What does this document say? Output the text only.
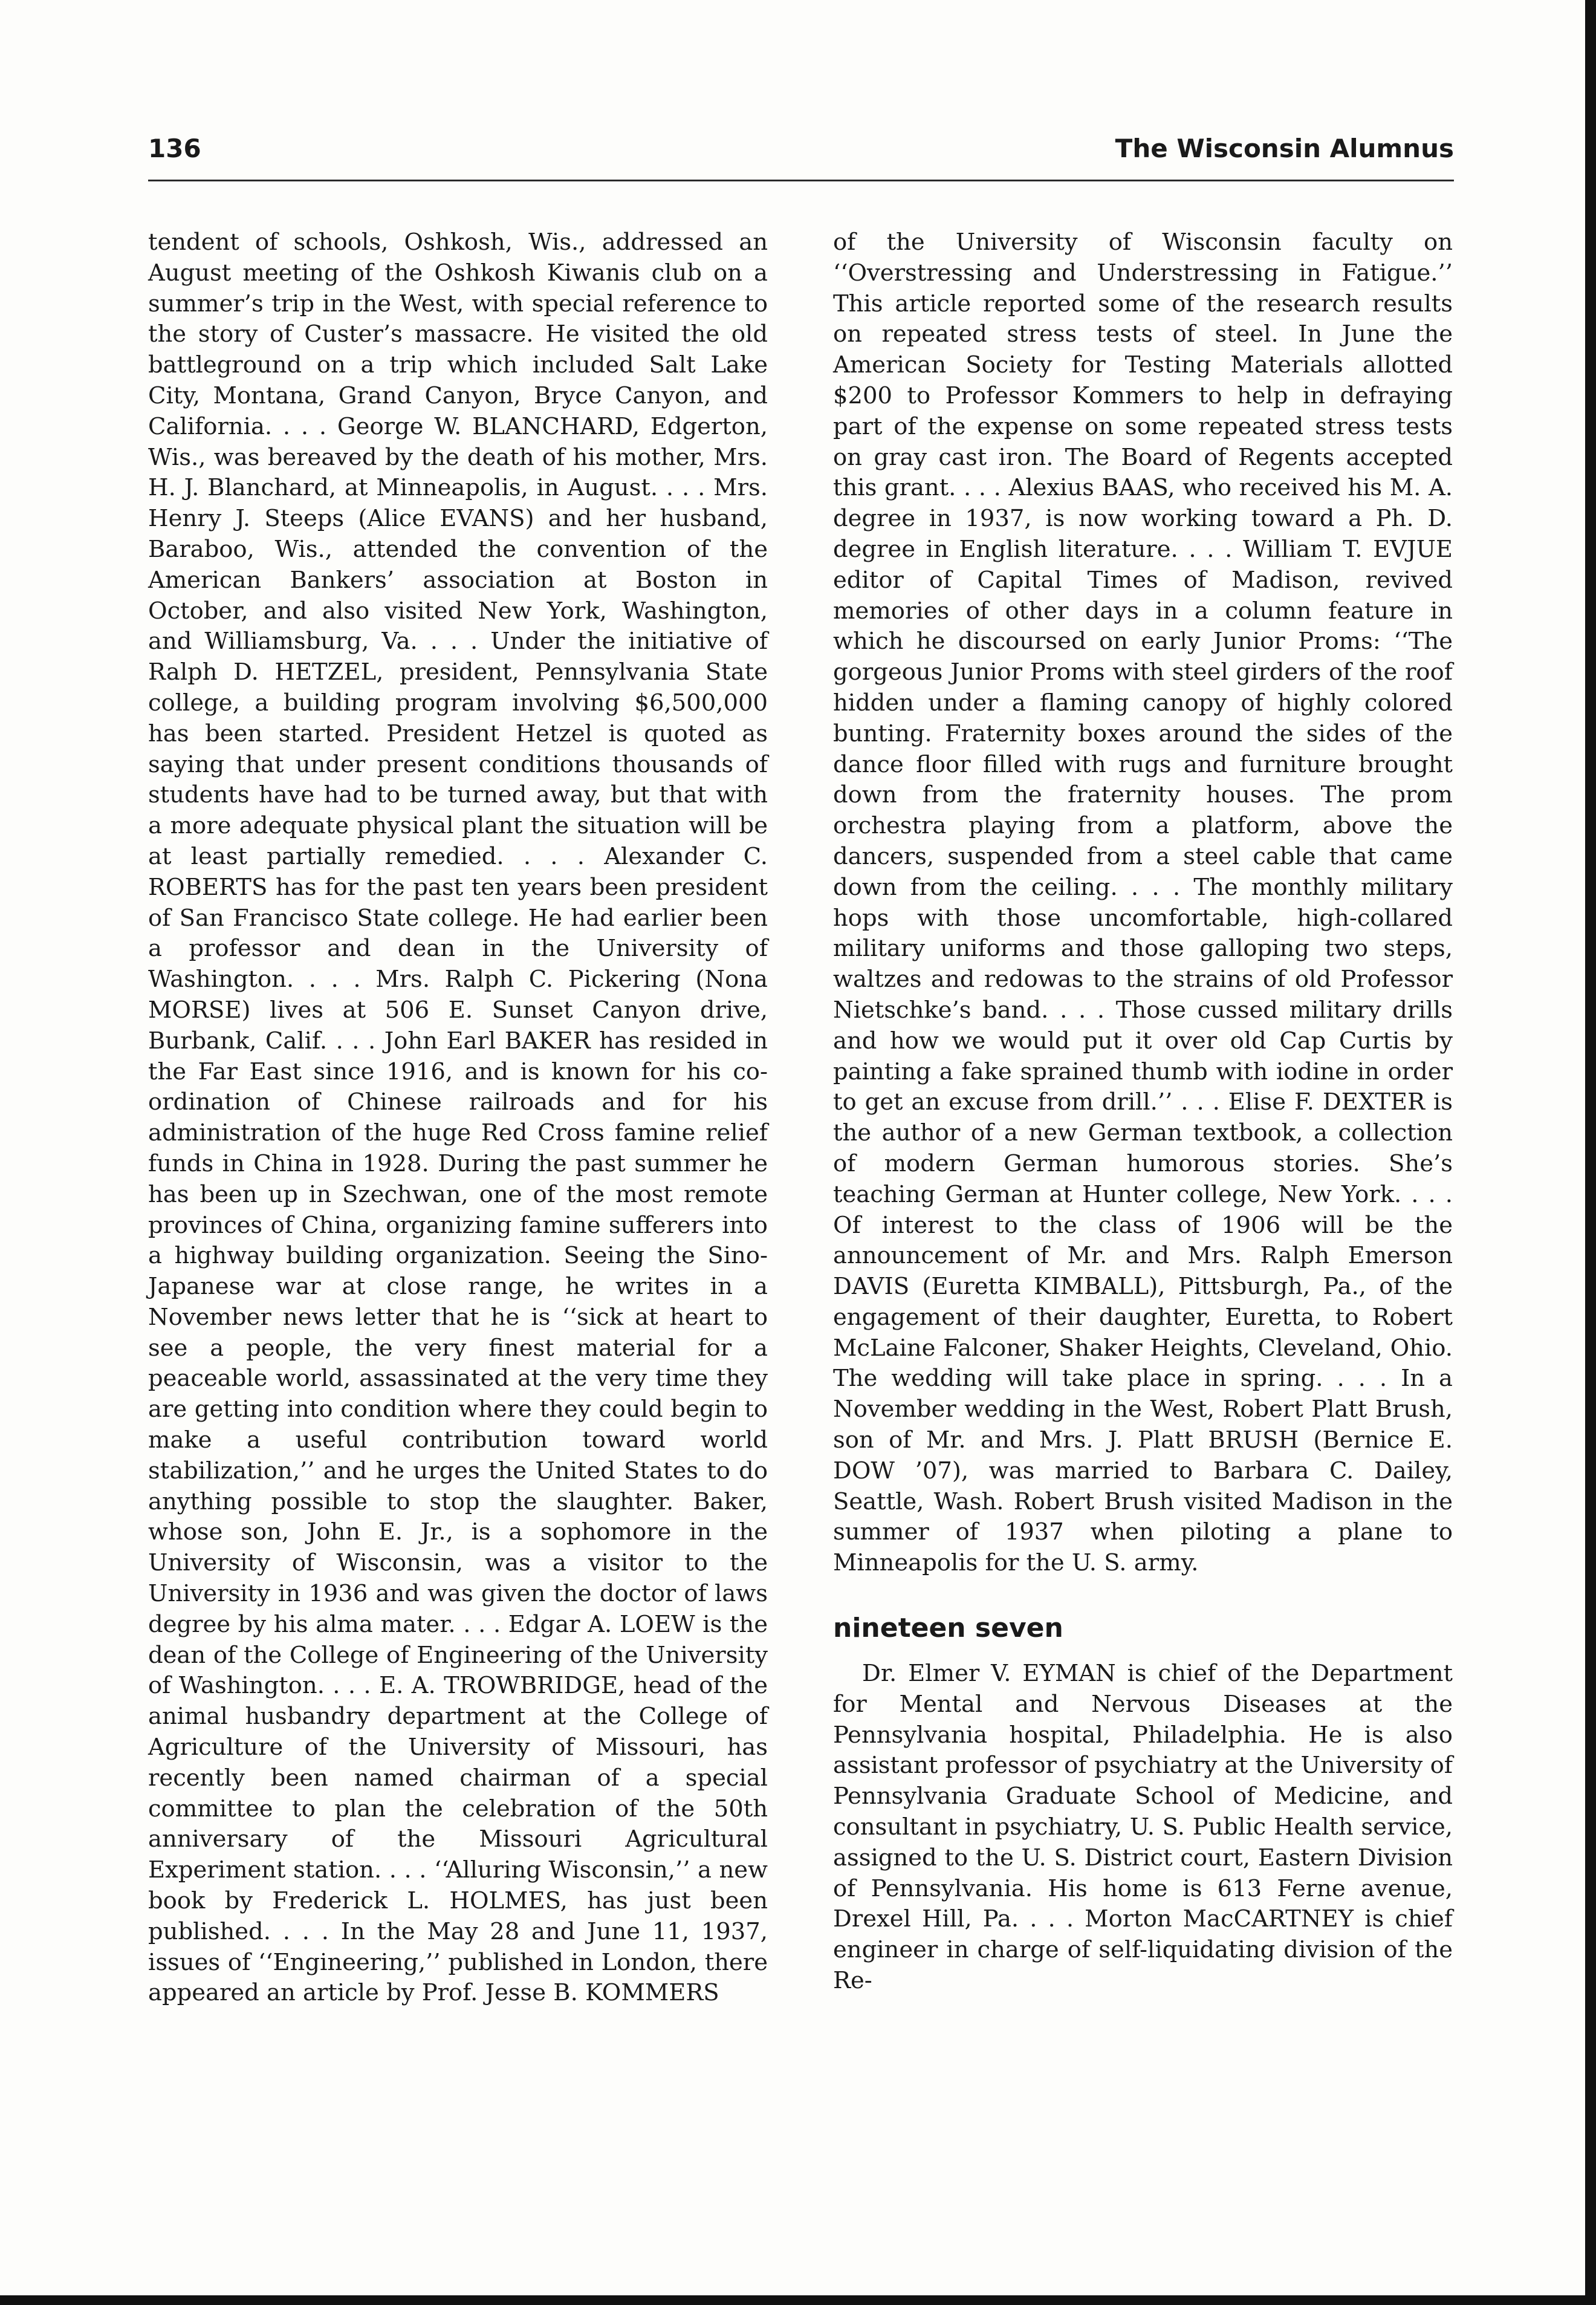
136	The Wisconsin Alumnus

tendent of schools, Oshkosh, Wis., addressed an August meeting of the Oshkosh Kiwanis club on a summer’s trip in the West, with special reference to the story of Custer’s massacre. He visited the old battleground on a trip which included Salt Lake City, Montana, Grand Canyon, Bryce Canyon, and California. . . . George W. BLANCHARD, Edgerton, Wis., was bereaved by the death of his mother, Mrs. H. J. Blanchard, at Minneapolis, in August. . . . Mrs. Henry J. Steeps (Alice EVANS) and her husband, Baraboo, Wis., attended the convention of the American Bankers’ association at Boston in October, and also visited New York, Washington, and Williamsburg, Va. . . . Under the initiative of Ralph D. HETZEL, president, Pennsylvania State college, a building program involving $6,500,000 has been started. President Hetzel is quoted as saying that under present conditions thousands of students have had to be turned away, but that with a more adequate physical plant the situation will be at least partially remedied. . . . Alexander C. ROBERTS has for the past ten years been president of San Francisco State college. He had earlier been a professor and dean in the University of Washington. . . . Mrs. Ralph C. Pickering (Nona MORSE) lives at 506 E. Sunset Canyon drive, Burbank, Calif. . . . John Earl BAKER has resided in the Far East since 1916, and is known for his co-ordination of Chinese railroads and for his administration of the huge Red Cross famine relief funds in China in 1928. During the past summer he has been up in Szechwan, one of the most remote provinces of China, organizing famine sufferers into a highway building organization. Seeing the Sino-Japanese war at close range, he writes in a November news letter that he is ‘‘sick at heart to see a people, the very finest material for a peaceable world, assassinated at the very time they are getting into condition where they could begin to make a useful contribution toward world stabilization,’’ and he urges the United States to do anything possible to stop the slaughter. Baker, whose son, John E. Jr., is a sophomore in the University of Wisconsin, was a visitor to the University in 1936 and was given the doctor of laws degree by his alma mater. . . . Edgar A. LOEW is the dean of the College of Engineering of the University of Washington. . . . E. A. TROWBRIDGE, head of the animal husbandry department at the College of Agriculture of the University of Missouri, has recently been named chairman of a special committee to plan the celebration of the 50th anniversary of the Missouri Agricultural Experiment station. . . . ‘‘Alluring Wisconsin,’’ a new book by Frederick L. HOLMES, has just been published. . . . In the May 28 and June 11, 1937, issues of ‘‘Engineering,’’ published in London, there appeared an article by Prof. Jesse B. KOMMERS

of the University of Wisconsin faculty on ‘‘Overstressing and Understressing in Fatigue.’’ This article reported some of the research results on repeated stress tests of steel. In June the American Society for Testing Materials allotted $200 to Professor Kommers to help in defraying part of the expense on some repeated stress tests on gray cast iron. The Board of Regents accepted this grant. . . . Alexius BAAS, who received his M. A. degree in 1937, is now working toward a Ph. D. degree in English literature. . . . William T. EVJUE editor of Capital Times of Madison, revived memories of other days in a column feature in which he discoursed on early Junior Proms: ‘‘The gorgeous Junior Proms with steel girders of the roof hidden under a flaming canopy of highly colored bunting. Fraternity boxes around the sides of the dance floor filled with rugs and furniture brought down from the fraternity houses. The prom orchestra playing from a platform, above the dancers, suspended from a steel cable that came down from the ceiling. . . . The monthly military hops with those uncomfortable, high-collared military uniforms and those galloping two steps, waltzes and redowas to the strains of old Professor Nietschke’s band. . . . Those cussed military drills and how we would put it over old Cap Curtis by painting a fake sprained thumb with iodine in order to get an excuse from drill.’’ . . . Elise F. DEXTER is the author of a new German textbook, a collection of modern German humorous stories. She’s teaching German at Hunter college, New York. . . . Of interest to the class of 1906 will be the announcement of Mr. and Mrs. Ralph Emerson DAVIS (Euretta KIMBALL), Pittsburgh, Pa., of the engagement of their daughter, Euretta, to Robert McLaine Falconer, Shaker Heights, Cleveland, Ohio. The wedding will take place in spring. . . . In a November wedding in the West, Robert Platt Brush, son of Mr. and Mrs. J. Platt BRUSH (Bernice E. DOW ’07), was married to Barbara C. Dailey, Seattle, Wash. Robert Brush visited Madison in the summer of 1937 when piloting a plane to Minneapolis for the U. S. army.

nineteen seven

Dr. Elmer V. EYMAN is chief of the Department for Mental and Nervous Diseases at the Pennsylvania hospital, Philadelphia. He is also assistant professor of psychiatry at the University of Pennsylvania Graduate School of Medicine, and consultant in psychiatry, U. S. Public Health service, assigned to the U. S. District court, Eastern Division of Pennsylvania. His home is 613 Ferne avenue, Drexel Hill, Pa. . . . Morton MacCARTNEY is chief engineer in charge of self-liquidating division of the Re-
